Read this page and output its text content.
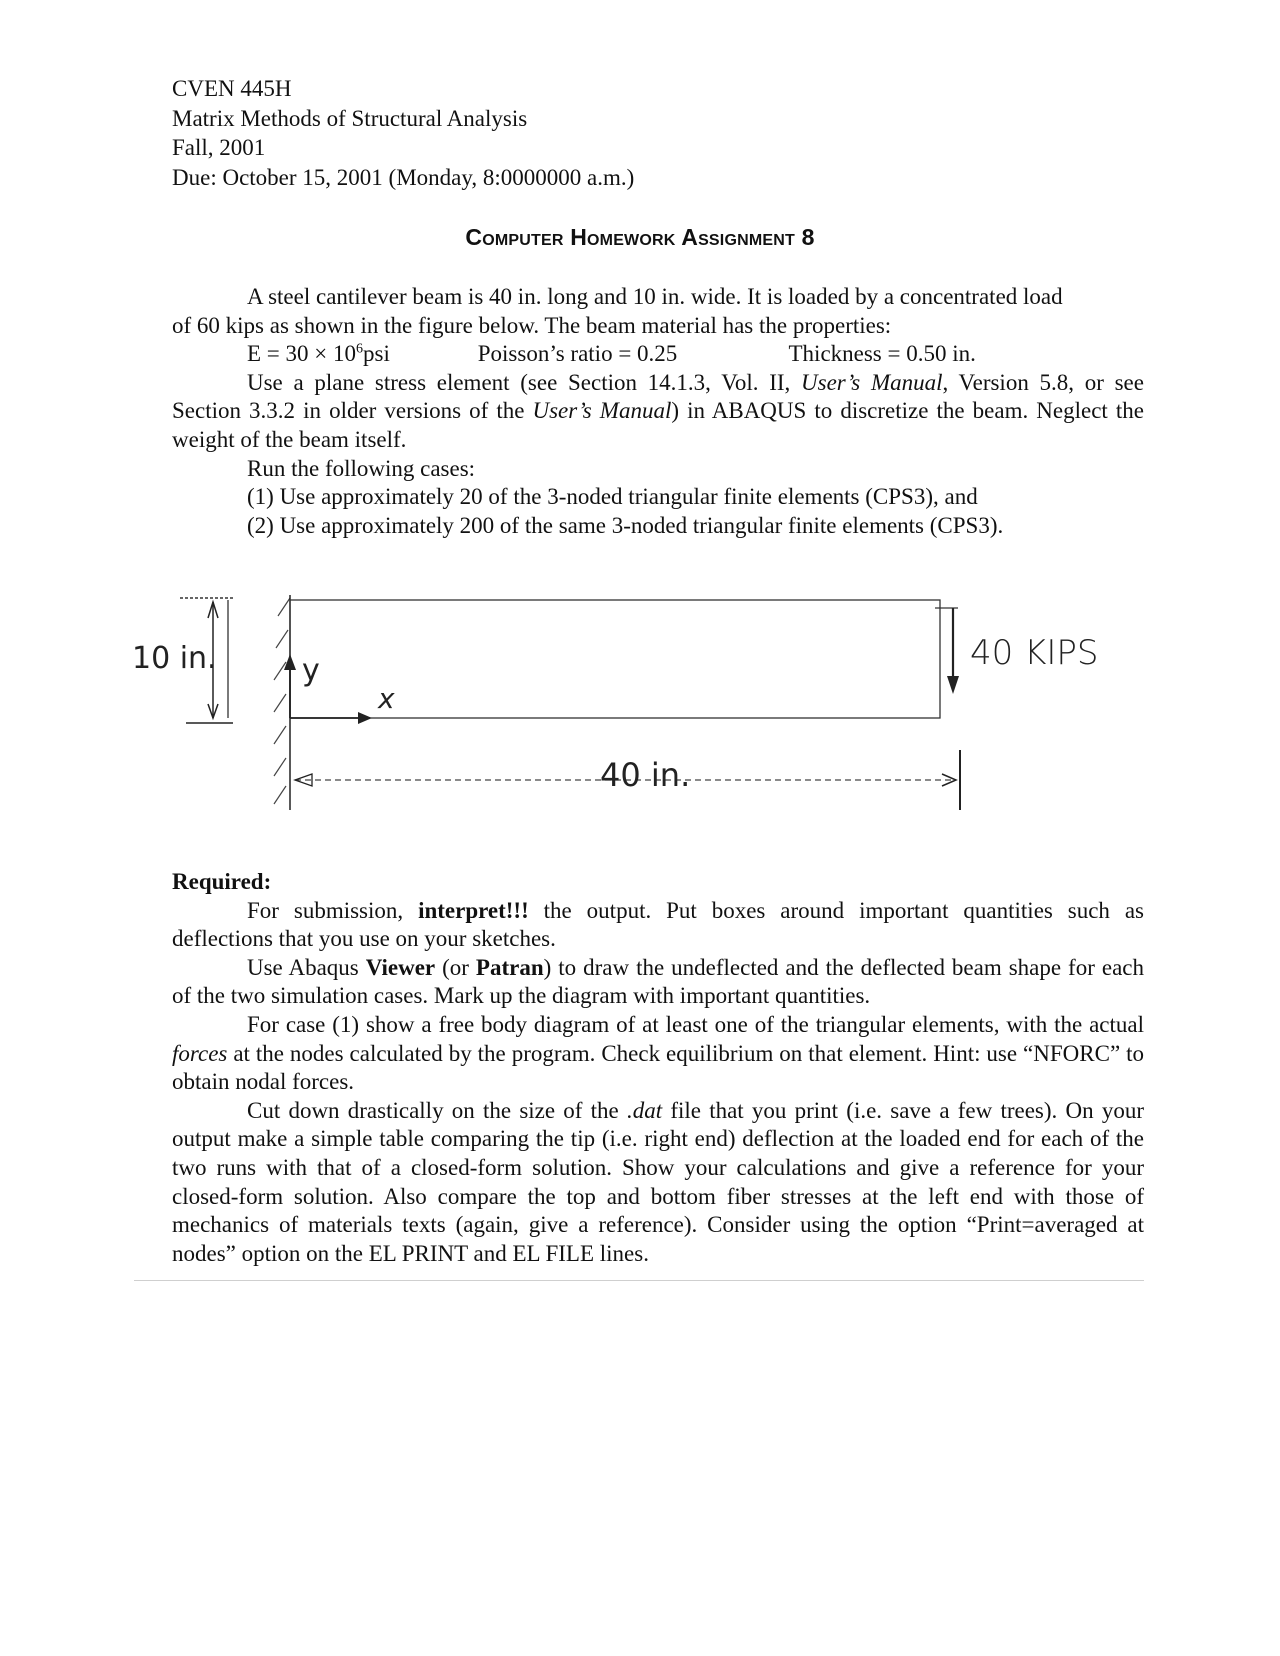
CVEN 445H
Matrix Methods of Structural Analysis
Fall, 2001
Due: October 15, 2001 (Monday, 8:0000000 a.m.)
Computer Homework Assignment 8
A steel cantilever beam is 40 in. long and 10 in. wide. It is loaded by a concentrated load
of 60 kips as shown in the figure below. The beam material has the properties:
$E = 30 \times 10^6psi$	Poisson’s ratio = 0.25	Thickness = 0.50 in.

Use a plane stress element (see Section 14.1.3, Vol. II, User’s Manual, Version 5.8, or see Section 3.3.2 in older versions of the User’s Manual) in ABAQUS to discretize the beam. Neglect the weight of the beam itself.

Run the following cases:
(1) Use approximately 20 of the 3-noded triangular finite elements (CPS3), and
(2) Use approximately 200 of the same 3-noded triangular finite elements (CPS3).
10 in.
x
y	40 KIPS
40 in.

Required:

For submission, interpret!!! the output. Put boxes around important quantities such as deflections that you use on your sketches.

Use Abaqus Viewer (or Patran) to draw the undeflected and the deflected beam shape for each of the two simulation cases. Mark up the diagram with important quantities.

For case (1) show a free body diagram of at least one of the triangular elements, with the actual forces at the nodes calculated by the program. Check equilibrium on that element. Hint: use “NFORC” to obtain nodal forces.

Cut down drastically on the size of the .dat file that you print (i.e. save a few trees). On your output make a simple table comparing the tip (i.e. right end) deflection at the loaded end for each of the two runs with that of a closed-form solution. Show your calculations and give a reference for your closed-form solution. Also compare the top and bottom fiber stresses at the left end with those of mechanics of materials texts (again, give a reference). Consider using the option “Print=averaged at nodes” option on the EL PRINT and EL FILE lines.
